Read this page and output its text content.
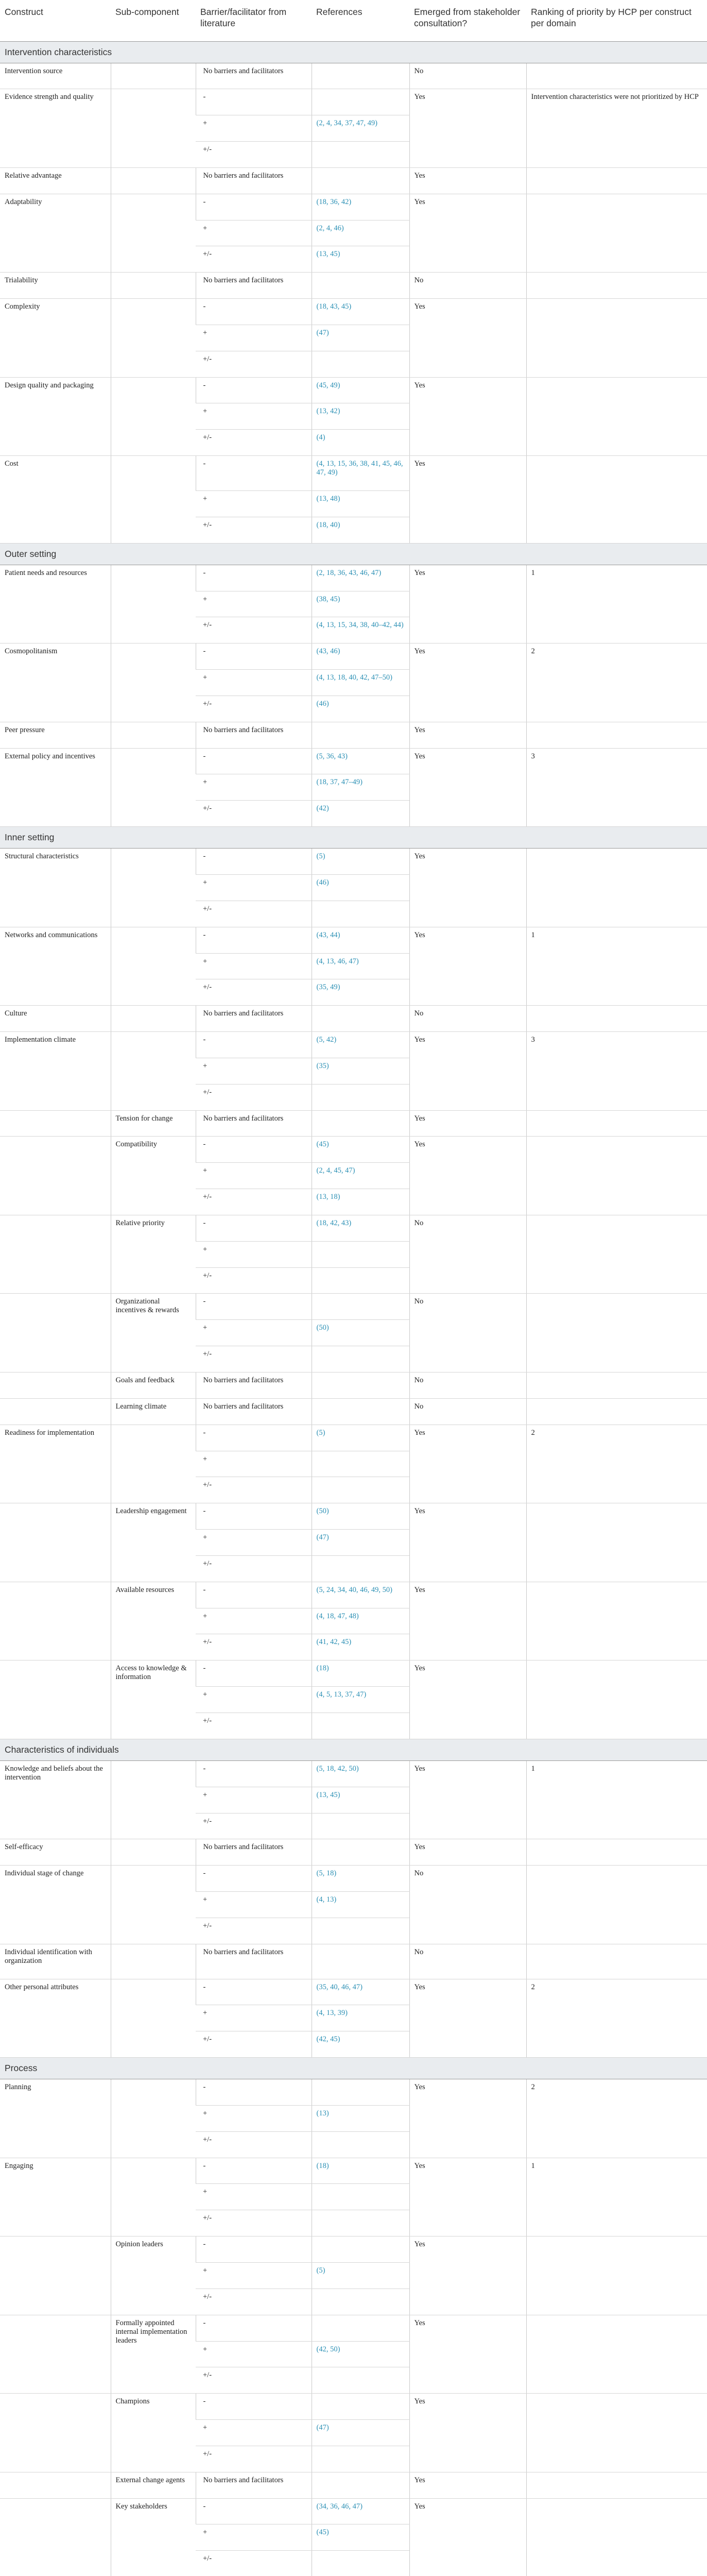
Construct	Sub-component	Barrier/facilitator from literature	References	Emerged from stakeholder consultation?	Ranking of priority by HCP per construct per domain
Intervention characteristics					
Intervention source		No barriers and facilitators		No	
Evidence strength and quality		-		Yes	Intervention characteristics were not prioritized by HCP
		+	(2, 4, 34, 37, 47, 49)		
		+/-			
Relative advantage		No barriers and facilitators		Yes	
Adaptability		-	(18, 36, 42)	Yes	
		+	(2, 4, 46)		
		+/-	(13, 45)		
Trialability		No barriers and facilitators		No	
Complexity		-	(18, 43, 45)	Yes	
		+	(47)		
		+/-			
Design quality and packaging		-	(45, 49)	Yes	
		+	(13, 42)		
		+/-	(4)		
Cost		-	(4, 13, 15, 36, 38, 41, 45, 46, 47, 49)	Yes	
		+	(13, 48)		
		+/-	(18, 40)		
Outer setting					
Patient needs and resources		-	(2, 18, 36, 43, 46, 47)	Yes	1
		+	(38, 45)		
		+/-	(4, 13, 15, 34, 38, 40–42, 44)		
Cosmopolitanism		-	(43, 46)	Yes	2
		+	(4, 13, 18, 40, 42, 47–50)		
		+/-	(46)		
Peer pressure		No barriers and facilitators		Yes	
External policy and incentives		-	(5, 36, 43)	Yes	3
		+	(18, 37, 47–49)		
		+/-	(42)		
Inner setting					
Structural characteristics		-	(5)	Yes	
		+	(46)		
		+/-			
Networks and communications		-	(43, 44)	Yes	1
		+	(4, 13, 46, 47)		
		+/-	(35, 49)		
Culture		No barriers and facilitators		No	
Implementation climate		-	(5, 42)	Yes	3
		+	(35)		
		+/-			
	Tension for change	No barriers and facilitators		Yes	
	Compatibility	-	(45)	Yes	
		+	(2, 4, 45, 47)		
		+/-	(13, 18)		
	Relative priority	-	(18, 42, 43)	No	
		+			
		+/-			
	Organizational incentives & rewards	-		No	
		+	(50)		
		+/-			
	Goals and feedback	No barriers and facilitators		No	
	Learning climate	No barriers and facilitators		No	
Readiness for implementation		-	(5)	Yes	2
		+			
		+/-			
	Leadership engagement	-	(50)	Yes	
		+	(47)		
		+/-			
	Available resources	-	(5, 24, 34, 40, 46, 49, 50)	Yes	
		+	(4, 18, 47, 48)		
		+/-	(41, 42, 45)		
	Access to knowledge & information	-	(18)	Yes	
		+	(4, 5, 13, 37, 47)		
		+/-			
Characteristics of individuals					
Knowledge and beliefs about the intervention		-	(5, 18, 42, 50)	Yes	1
		+	(13, 45)		
		+/-			
Self-efficacy		No barriers and facilitators		Yes	
Individual stage of change		-	(5, 18)	No	
		+	(4, 13)		
		+/-			
Individual identification with organization		No barriers and facilitators		No	
Other personal attributes		-	(35, 40, 46, 47)	Yes	2
		+	(4, 13, 39)		
		+/-	(42, 45)		
Process					
Planning		-		Yes	2
		+	(13)		
		+/-			
Engaging		-	(18)	Yes	1
		+			
		+/-			
	Opinion leaders	-		Yes	
		+	(5)		
		+/-			
	Formally appointed internal implementation leaders	-		Yes	
		+	(42, 50)		
		+/-			
	Champions	-		Yes	
		+	(47)		
		+/-			
	External change agents	No barriers and facilitators		Yes	
	Key stakeholders	-	(34, 36, 46, 47)	Yes	
		+	(45)		
		+/-			
